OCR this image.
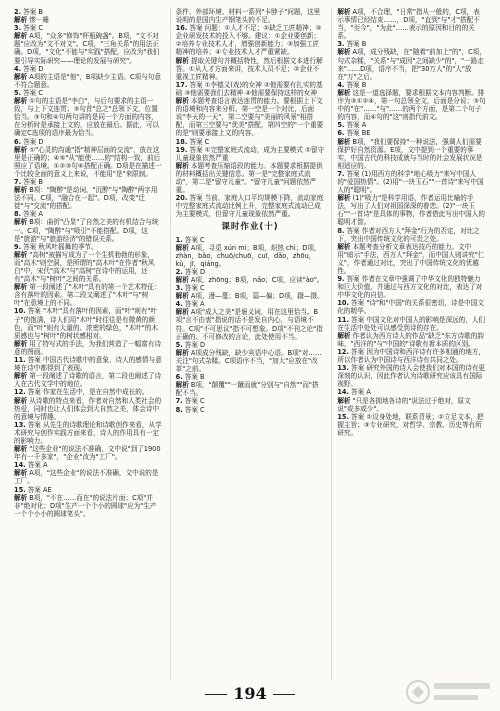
2. 答案 B

解析 惨－睡

3. 答案 C

解析 A项，"众多"修饰"杯瓶碗盏"。B项，"文不对题"应改为"文不对文"。C项，"三角关系"的用法正确。D项，"文化"不能与"实践"搭配，应改为"我们要引导实际研究——理论的发展与研究"。

4. 答案 D

解析 A项的主语是"他"，B项缺少主语。C项与句意不符合题意。

5. 答案 C

解析 ①句的主语是"李白"，与后句要求的主语一致，与上下文连贯；③句首"总之"总领下文，位置恰当。③句和④句两句讲的是同一个方面的内容，在分析时是承接上文的，应放在最后。据此，可以确定C选项的语序最为恰当。

6. 答案 D

解析 ①"心灵的沟通"指"精神层面的交流"，放在这里是正确的；④⑤"从"能使……的"结构一致，前后照应了语境。①②③句⑥搭配正确。D项是在描述一个比较全面的意义上来说，不能用"是"来限制。

7. 答案 B

解析 B项："陶醉"是动词，"沉醉"与"陶醉"两字用法不同。C项，"融合在一起"。D项，改变"迁徙"与"交流"的搭配。

8. 答案 A

解析 B项：曲折"凸显"了自然之美的有机结合与统一。C项，"陶醉"与"吸引"不能搭配。D项，这是"旅游"与"旅游经济"的错误关系。

9. 答案 秋风叶摇舞的季节。

解析 "高树"被描写成为了一个生机勃勃的形象，而"高木"则空洞，是所谓的"高木叶"在作者"秋风白"中，宋代"高木"与"高树"在诗中的运用，还有"高木"与"树叶"之间的关系。

解析 第一段阐述了"木叶"具有的第一个艺术特征：含有落叶的因素。第二段又阐述了"木叶"与"树叶"在意境上的不同。

10. 答案 "木叶"具有落叶的因素，而"叶"则有"叶子"的饱满，诗人们用"木叶"时往往是有微黄的颜色，而"叶"则有大量的、浓密的绿色，"木叶"的木质感也与"树叶"的树状感相对。

解析 用了特写式的手法，为我们营造了一幅富有诗意的图画。

11. 答案 中国古代诗歌中的意象、诗人的感情与意境在诗中都得到了表现。

解析 第一段阐述了诗歌的语言，第二段也阐述了诗人在古代文学中的地位。

12. 答案 作家在生活中，是在自然中成长的。

解析 从诗歌的特点来看，作者对自然和人类社会的热爱，同时也让人们体会到大自然之美，体会诗中的意境与情趣。

13. 答案 从先生的诗歌理论和诗歌创作来看，从学术研究与创作实践方面来看，诗人的作用具有一定的影响力。

解析 "这些企业"的说法不准确，文中说"到了1900年有一千多家"，"企业"改为"工厂"。

14. 答案 A

解析 A项，"这些企业"的说法不准确，文中说的是工厂。

15. 答案 AE

解析 B项，"不在……而在"的说法片面；C项"并非"绝对化；D项"生产一个个小的圆球"应为"生产一个个小小的圆球笔头"。

条件、外部环境、材料一系列"卡脖子"问题，这里说明的是国内生产钢笔头的不足。

16. 答案 问题：①人才不足；②缺乏工匠精神；③企业研发技术的投入不够。建议：①企业要创新；②培养专业技术人才，增强创新能力；③加强工匠精神的培养；④专业技术人才严重紧缺。

解析 提取关键句并概括特性，然后根据文本进行解答。①从人才方面来讲，技术人员不足；②企业不重视工匠精神。

17. 答案 ①李德义(戏)的女神 ②他需要有扎实的基础 ③他需要我们去精神 ④他需要保持这样的女神

解析 本题考查语言表达连贯的能力。要根据上下文的语境和内容来分析。第一空是一个对比，后面说"李天的一天"，第二空要与"美丽的风景"相搭配，而第三空要与"优美"搭配，第四空的"一个重要的是"则要承接上文的内容。

18. 答案 C

19. 答案 ①完整家庭式流动，成为主要模式 ②留守儿童现象依然严重

解析 本题考查压缩语段的能力。本题要求根据提供的材料概括出关键信息。第一是"完整家庭式流动"，第二是"留守儿童"。"留守儿童"问题依然严重。

20. 答案 当前，家庭人口平均规模下降，流动家庭中完整家庭式流动比例上升，完整家庭式流动已成为主要模式，但留守儿童现象依然严重。

课时作业(十)

1. 答案 C

解析 A项，寻觅 xún mì；B项，炽热 chì；D项，zhàn，bǎo，chuō/chuō，cuī，dǎo，zhōu，kù，jī，qiáng。

2. 答案 D

解析 A项，zhōng；B项，nǎo；C项，应读"ào"。

3. 答案 C

解析 A项，漫—蔓；B项，篇—偏；D项，蹑—摄。

4. 答案 A

解析 A项"成人之美"是褒义词，用在这里恰当。B项"言不由衷"指说的话不是发自内心，与语境不符。C项"不可思议"指不可想象。D项"不刊之论"指正确的、不可修改的言论，此处使用不当。

5. 答案 D

解析 A项成分残缺，缺少宾语中心语。B项"对……关注"句式杂糅。C项语序不当，"加大"应放在"改革"之前。

6. 答案 B

解析 B项，"颠覆""一蹴而就"分别与"自然""而"搭配不当。

7. 答案 C

8. 答案 C

解析 A项，不合理，"日常"指从一般的，C项，表示事情已经结束……，D项，"直到"与"才"搭配不当，"至今"，"为此"……表示的原因和目的的关系。

3. 答案 B

解析 A项，成分残缺，在"随着"前加上"的"，C项，句式杂糅，"关系"与"成因"之间缺少"的"，"一路走来"……D项，语序不当，把"30万人"的"人"放在"万"之后。

4. 答案 B

解析 这是一道选择题，要求根据文本内容判断。排序为③①②④，第一句总领全文，后面是分说；③句中的"在"……"与"……的两个方面，是第二个句子的内容，而④句的"这"则指代前文。

5. 答案 A

6. 答案 BE

解析 B项，"我们要保持"一种说法，强调人们需要保护好自然资源。E项，文中提到一个重要的事实，中国古代的科技成就与当时的社会发展状况是相适应的。

7. 答案 (1)用西方的科学"地心吸力"来写中国人的"爱国热情"。(2)用"一块玉石""一首诗"来写中国人的"聪明"。

解析 (1)"吸力"是科学用语，作者运用比喻的手法，写出了人们对祖国深深的眷恋。(2)"一块玉石""一首诗"是具体的事物，作者借此写出中国人的聪明才智。

8. 答案 作者对西方人"拜金"行为的否定，对比之下，突出中国传统文化的可贵之处。

解析 本题考查分析文章表达技巧的能力。文中用"暗示"手法，西方人"拜金"，而中国人则讲究"仁义"，作者通过对比，突出了中国传统文化的优越性。

9. 答案 作者在文章中强调了中华文化的独特魅力和巨大价值，并通过与西方文化的对比，表达了对中华文化的自信。

10. 答案 "诗"和"中国"的关系很密切，诗是中国文化的精华。

11. 答案 中国文化对中国人的影响是深远的，人们在生活中处处可以感受到诗的存在。

解析 作者认为西方诗人的作品"缺乏"东方诗歌的韵味，"西洋的"与"中国的"诗歌有着本质的区别。

12. 答案 因为中国诗和西洋诗有许多相通的地方，所以作者认为中国诗与西洋诗有共同之处。

13. 答案 研究外国的诗人会使我们对本国的诗有更深刻的认识，因此作者认为诗歌研究应该具有国际视野。

14. 答案 A

解析 "只是各拥地各诗的"说法过于绝对，原文说"或多或少"。

15. 答案 ①设身处地，联系背景；②立足文本，把握主旨；③专业研究，对哲学、宗教、历史等有所研究。

194
